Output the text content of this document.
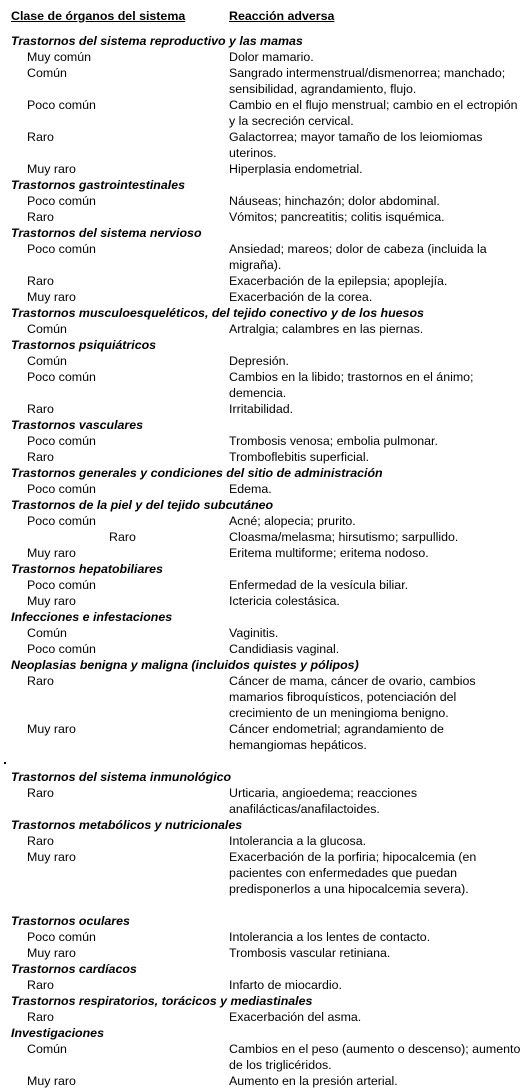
Clase de órganos del sistema	Reacción adversa
Trastornos del sistema reproductivo y las mamas
Muy común	Dolor mamario.
Común	Sangrado intermenstrual/dismenorrea; manchado; sensibilidad, agrandamiento, flujo.
Poco común	Cambio en el flujo menstrual; cambio en el ectropión y la secreción cervical.
Raro	Galactorrea; mayor tamaño de los leiomiomas uterinos.
Muy raro	Hiperplasia endometrial.
Trastornos gastrointestinales
Poco común	Náuseas; hinchazón; dolor abdominal.
Raro	Vómitos; pancreatitis; colitis isquémica.
Trastornos del sistema nervioso
Poco común	Ansiedad; mareos; dolor de cabeza (incluida la migraña).
Raro	Exacerbación de la epilepsia; apoplejía.
Muy raro	Exacerbación de la corea.
Trastornos musculoesqueléticos, del tejido conectivo y de los huesos
Común	Artralgia; calambres en las piernas.
Trastornos psiquiátricos
Común	Depresión.
Poco común	Cambios en la libido; trastornos en el ánimo; demencia.
Raro	Irritabilidad.
Trastornos vasculares
Poco común	Trombosis venosa; embolia pulmonar.
Raro	Tromboflebitis superficial.
Trastornos generales y condiciones del sitio de administración
Poco común	Edema.
Trastornos de la piel y del tejido subcutáneo
Poco común	Acné; alopecia; prurito.
Raro	Cloasma/melasma; hirsutismo; sarpullido.
Muy raro	Eritema multiforme; eritema nodoso.
Trastornos hepatobiliares
Poco común	Enfermedad de la vesícula biliar.
Muy raro	Ictericia colestásica.
Infecciones e infestaciones
Común	Vaginitis.
Poco común	Candidiasis vaginal.
Neoplasias benigna y maligna (incluidos quistes y pólipos)
Raro	Cáncer de mama, cáncer de ovario, cambios mamarios fibroquísticos, potenciación del crecimiento de un meningioma benigno.
Muy raro	Cáncer endometrial; agrandamiento de hemangiomas hepáticos.
Trastornos del sistema inmunológico
Raro	Urticaria, angioedema; reacciones anafilácticas/anafilactoides.
Trastornos metabólicos y nutricionales
Raro	Intolerancia a la glucosa.
Muy raro	Exacerbación de la porfiria; hipocalcemia (en pacientes con enfermedades que puedan predisponerlos a una hipocalcemia severa).
Trastornos oculares
Poco común	Intolerancia a los lentes de contacto.
Muy raro	Trombosis vascular retiniana.
Trastornos cardíacos
Raro	Infarto de miocardio.
Trastornos respiratorios, torácicos y mediastinales
Raro	Exacerbación del asma.
Investigaciones
Común	Cambios en el peso (aumento o descenso); aumento de los triglicéridos.
Muy raro	Aumento en la presión arterial.
